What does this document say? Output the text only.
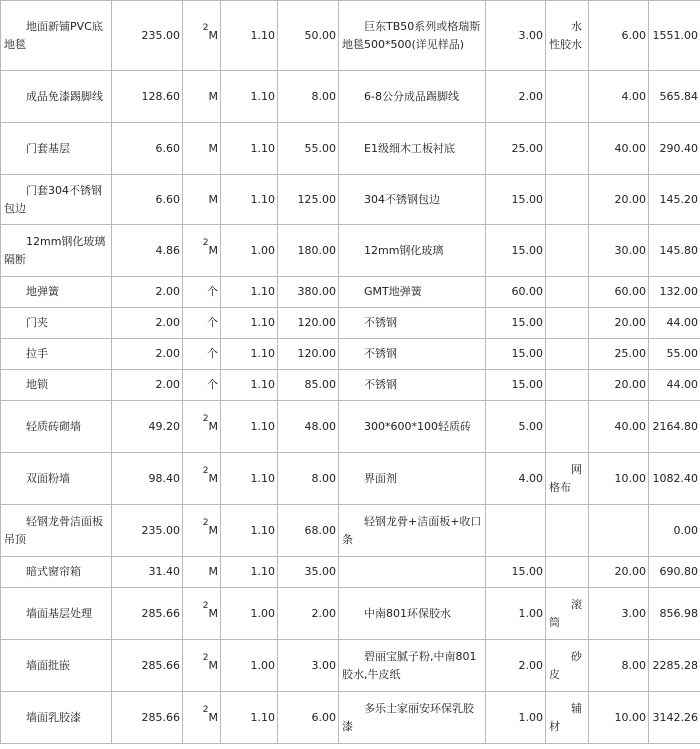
地面新铺PVC底地毯	235.00	$^2$M	1.10	50.00	巨东TB50系列或格瑞斯地毯500*500(详见样品)	3.00	水性胶水	6.00	1551.00

成品免漆踢脚线	128.60	M	1.10	8.00	6-8公分成品踢脚线	2.00		4.00	565.84

门套基层	6.60	M	1.10	55.00	E1级细木工板衬底	25.00		40.00	290.40

门套304不锈钢包边	6.60	M	1.10	125.00	304不锈钢包边	15.00		20.00	145.20

12mm钢化玻璃隔断	4.86	$^2$M	1.00	180.00	12mm钢化玻璃	15.00		30.00	145.80

地弹簧	2.00	个	1.10	380.00	GMT地弹簧	60.00		60.00	132.00

门夹	2.00	个	1.10	120.00	不锈钢	15.00		20.00	44.00

拉手	2.00	个	1.10	120.00	不锈钢	15.00		25.00	55.00

地锁	2.00	个	1.10	85.00	不锈钢	15.00		20.00	44.00

轻质砖砌墙	49.20	$^2$M	1.10	48.00	300*600*100轻质砖	5.00		40.00	2164.80

双面粉墙	98.40	$^2$M	1.10	8.00	界面剂	4.00	网格布	10.00	1082.40

轻钢龙骨洁面板吊顶	235.00	$^2$M	1.10	68.00	轻钢龙骨+洁面板+收口条				0.00

暗式窗帘箱	31.40	M	1.10	35.00		15.00		20.00	690.80

墙面基层处理	285.66	$^2$M	1.00	2.00	中南801环保胶水	1.00	滚筒	3.00	856.98

墙面批嵌	285.66	$^2$M	1.00	3.00	碧丽宝腻子粉,中南801胶水,牛皮纸	2.00	砂皮	8.00	2285.28

墙面乳胶漆	285.66	$^2$M	1.10	6.00	多乐士家丽安环保乳胶漆	1.00	辅材	10.00	3142.26
